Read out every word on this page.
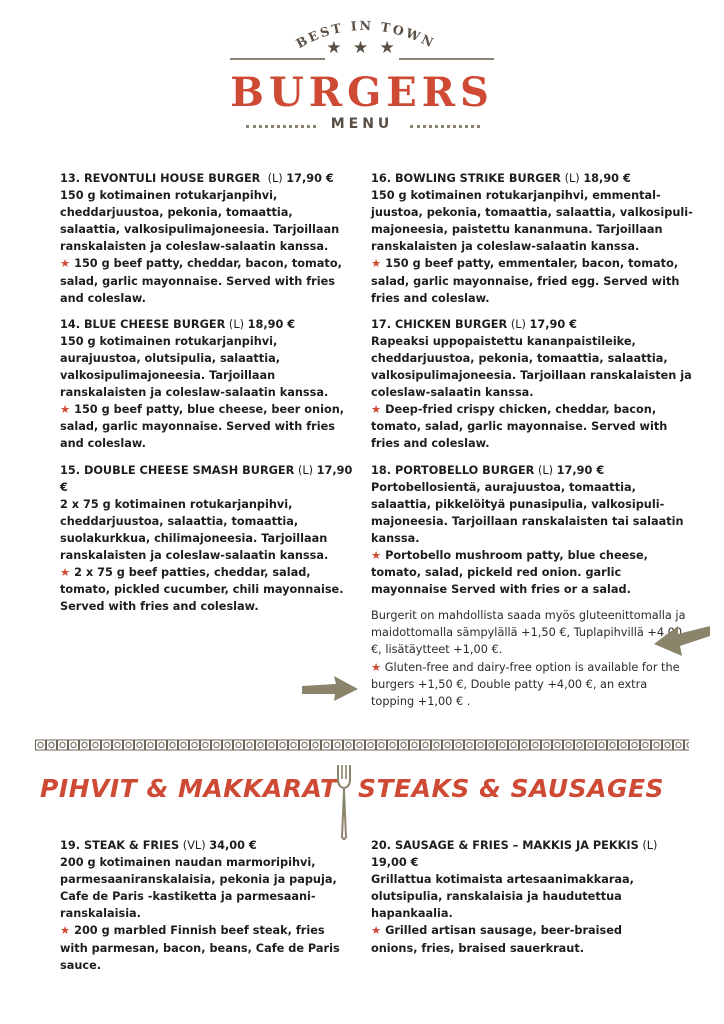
BEST IN TOWN
★ ★ ★
BURGERS
MENU

13. REVONTULI HOUSE BURGER (L) 17,90 €

150 g kotimainen rotukarjanpihvi, cheddarjuustoa, pekonia, tomaattia, salaattia, valkosipulimajoneesia. Tarjoillaan ranskalaisten ja coleslaw-salaatin kanssa.

★ 150 g beef patty, cheddar, bacon, tomato, salad, garlic mayonnaise. Served with fries and coleslaw.

14. BLUE CHEESE BURGER (L) 18,90 €

150 g kotimainen rotukarjanpihvi, aurajuustoa, olutsipulia, salaattia, valkosipulimajoneesia. Tarjoillaan ranskalaisten ja coleslaw-salaatin kanssa.

★ 150 g beef patty, blue cheese, beer onion, salad, garlic mayonnaise. Served with fries and coleslaw.

15. DOUBLE CHEESE SMASH BURGER (L) 17,90 €

2 x 75 g kotimainen rotukarjanpihvi, cheddarjuustoa, salaattia, tomaattia, suolakurkkua, chilimajoneesia. Tarjoillaan ranskalaisten ja coleslaw-salaatin kanssa.

★ 2 x 75 g beef patties, cheddar, salad, tomato, pickled cucumber, chili mayonnaise. Served with fries and coleslaw.

16. BOWLING STRIKE BURGER (L) 18,90 €

150 g kotimainen rotukarjanpihvi, emmental-juustoa, pekonia, tomaattia, salaattia, valkosipuli-majoneesia, paistettu kananmuna. Tarjoillaan ranskalaisten ja coleslaw-salaatin kanssa.

★ 150 g beef patty, emmentaler, bacon, tomato, salad, garlic mayonnaise, fried egg. Served with fries and coleslaw.

17. CHICKEN BURGER (L) 17,90 €

Rapeaksi uppopaistettu kananpaistileike, cheddarjuustoa, pekonia, tomaattia, salaattia, valkosipulimajoneesia. Tarjoillaan ranskalaisten ja coleslaw-salaatin kanssa.

★ Deep-fried crispy chicken, cheddar, bacon, tomato, salad, garlic mayonnaise. Served with fries and coleslaw.

18. PORTOBELLO BURGER (L) 17,90 €

Portobellosientä, aurajuustoa, tomaattia, salaattia, pikkelöityä punasipulia, valkosipuli-majoneesia. Tarjoillaan ranskalaisten tai salaatin kanssa.

★ Portobello mushroom patty, blue cheese, tomato, salad, pickeld red onion. garlic mayonnaise Served with fries or a salad.

Burgerit on mahdollista saada myös gluteenittomalla ja maidottomalla sämpylällä +1,50 €, Tuplapihvillä +4,00 €, lisätäytteet +1,00 €.

★ Gluten-free and dairy-free option is available for the burgers +1,50 €, Double patty +4,00 €, an extra topping +1,00 € .

PIHVIT & MAKKARAT STEAKS & SAUSAGES

19. STEAK & FRIES (VL) 34,00 €

200 g kotimainen naudan marmoripihvi, parmesaaniranskalaisia, pekonia ja papuja, Cafe de Paris -kastiketta ja parmesaani-ranskalaisia.

★ 200 g marbled Finnish beef steak, fries with parmesan, bacon, beans, Cafe de Paris sauce.

20. SAUSAGE & FRIES – MAKKIS JA PEKKIS (L)
19,00 €

Grillattua kotimaista artesaanimakkaraa, olutsipulia, ranskalaisia ja haudutettua hapankaalia.

★ Grilled artisan sausage, beer-braised onions, fries, braised sauerkraut.
